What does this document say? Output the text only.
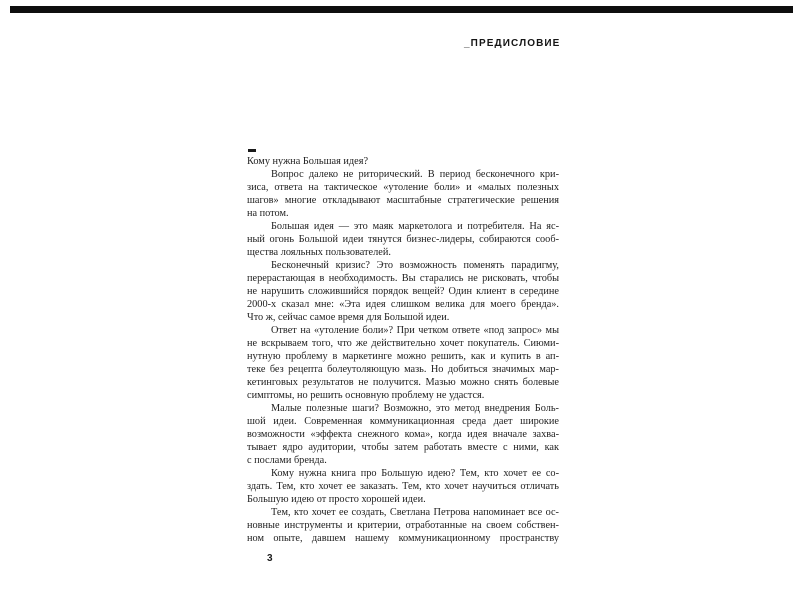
_ПРЕДИСЛОВИЕ
Кому нужна Большая идея?
Вопрос далеко не риторический. В период бесконечного кри-
зиса, ответа на тактическое «утоление боли» и «малых полезных
шагов» многие откладывают масштабные стратегические решения
на потом.
Большая идея — это маяк маркетолога и потребителя. На яс-
ный огонь Большой идеи тянутся бизнес-лидеры, собираются сооб-
щества лояльных пользователей.
Бесконечный кризис? Это возможность поменять парадигму,
перерастающая в необходимость. Вы старались не рисковать, чтобы
не нарушить сложившийся порядок вещей? Один клиент в середине
2000-х сказал мне: «Эта идея слишком велика для моего бренда».
Что ж, сейчас самое время для Большой идеи.
Ответ на «утоление боли»? При четком ответе «под запрос» мы
не вскрываем того, что же действительно хочет покупатель. Сиюми-
нутную проблему в маркетинге можно решить, как и купить в ап-
теке без рецепта болеутоляющую мазь. Но добиться значимых мар-
кетинговых результатов не получится. Мазью можно снять болевые
симптомы, но решить основную проблему не удастся.
Малые полезные шаги? Возможно, это метод внедрения Боль-
шой идеи. Современная коммуникационная среда дает широкие
возможности «эффекта снежного кома», когда идея вначале захва-
тывает ядро аудитории, чтобы затем работать вместе с ними, как
с послами бренда.
Кому нужна книга про Большую идею? Тем, кто хочет ее со-
здать. Тем, кто хочет ее заказать. Тем, кто хочет научиться отличать
Большую идею от просто хорошей идеи.
Тем, кто хочет ее создать, Светлана Петрова напоминает все ос-
новные инструменты и критерии, отработанные на своем собствен-
ном опыте, давшем нашему коммуникационному пространству
3
